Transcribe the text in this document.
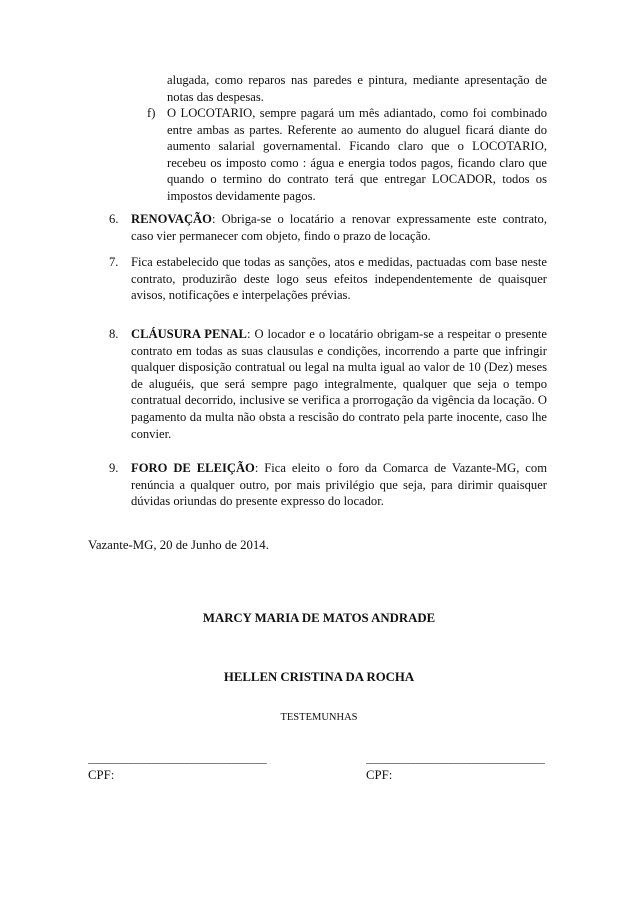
alugada, como reparos nas paredes e pintura, mediante apresentação de notas das despesas.
f) O LOCOTARIO, sempre pagará um mês adiantado, como foi combinado entre ambas as partes. Referente ao aumento do aluguel ficará diante do aumento salarial governamental. Ficando claro que o LOCOTARIO, recebeu os imposto como : água e energia todos pagos, ficando claro que quando o termino do contrato terá que entregar LOCADOR, todos os impostos devidamente pagos.
6. RENOVAÇÃO: Obriga-se o locatário a renovar expressamente este contrato, caso vier permanecer com objeto, findo o prazo de locação.
7. Fica estabelecido que todas as sanções, atos e medidas, pactuadas com base neste contrato, produzirão deste logo seus efeitos independentemente de quaisquer avisos, notificações e interpelações prévias.
8. CLÁUSURA PENAL: O locador e o locatário obrigam-se a respeitar o presente contrato em todas as suas clausulas e condições, incorrendo a parte que infringir qualquer disposição contratual ou legal na multa igual ao valor de 10 (Dez) meses de aluguéis, que será sempre pago integralmente, qualquer que seja o tempo contratual decorrido, inclusive se verifica a prorrogação da vigência da locação. O pagamento da multa não obsta a rescisão do contrato pela parte inocente, caso lhe convier.
9. FORO DE ELEIÇÃO: Fica eleito o foro da Comarca de Vazante-MG, com renúncia a qualquer outro, por mais privilégio que seja, para dirimir quaisquer dúvidas oriundas do presente expresso do locador.
Vazante-MG, 20 de Junho de 2014.
MARCY MARIA DE MATOS ANDRADE
HELLEN CRISTINA DA ROCHA
TESTEMUNHAS
______________________________________
CPF:
______________________________________
CPF:
